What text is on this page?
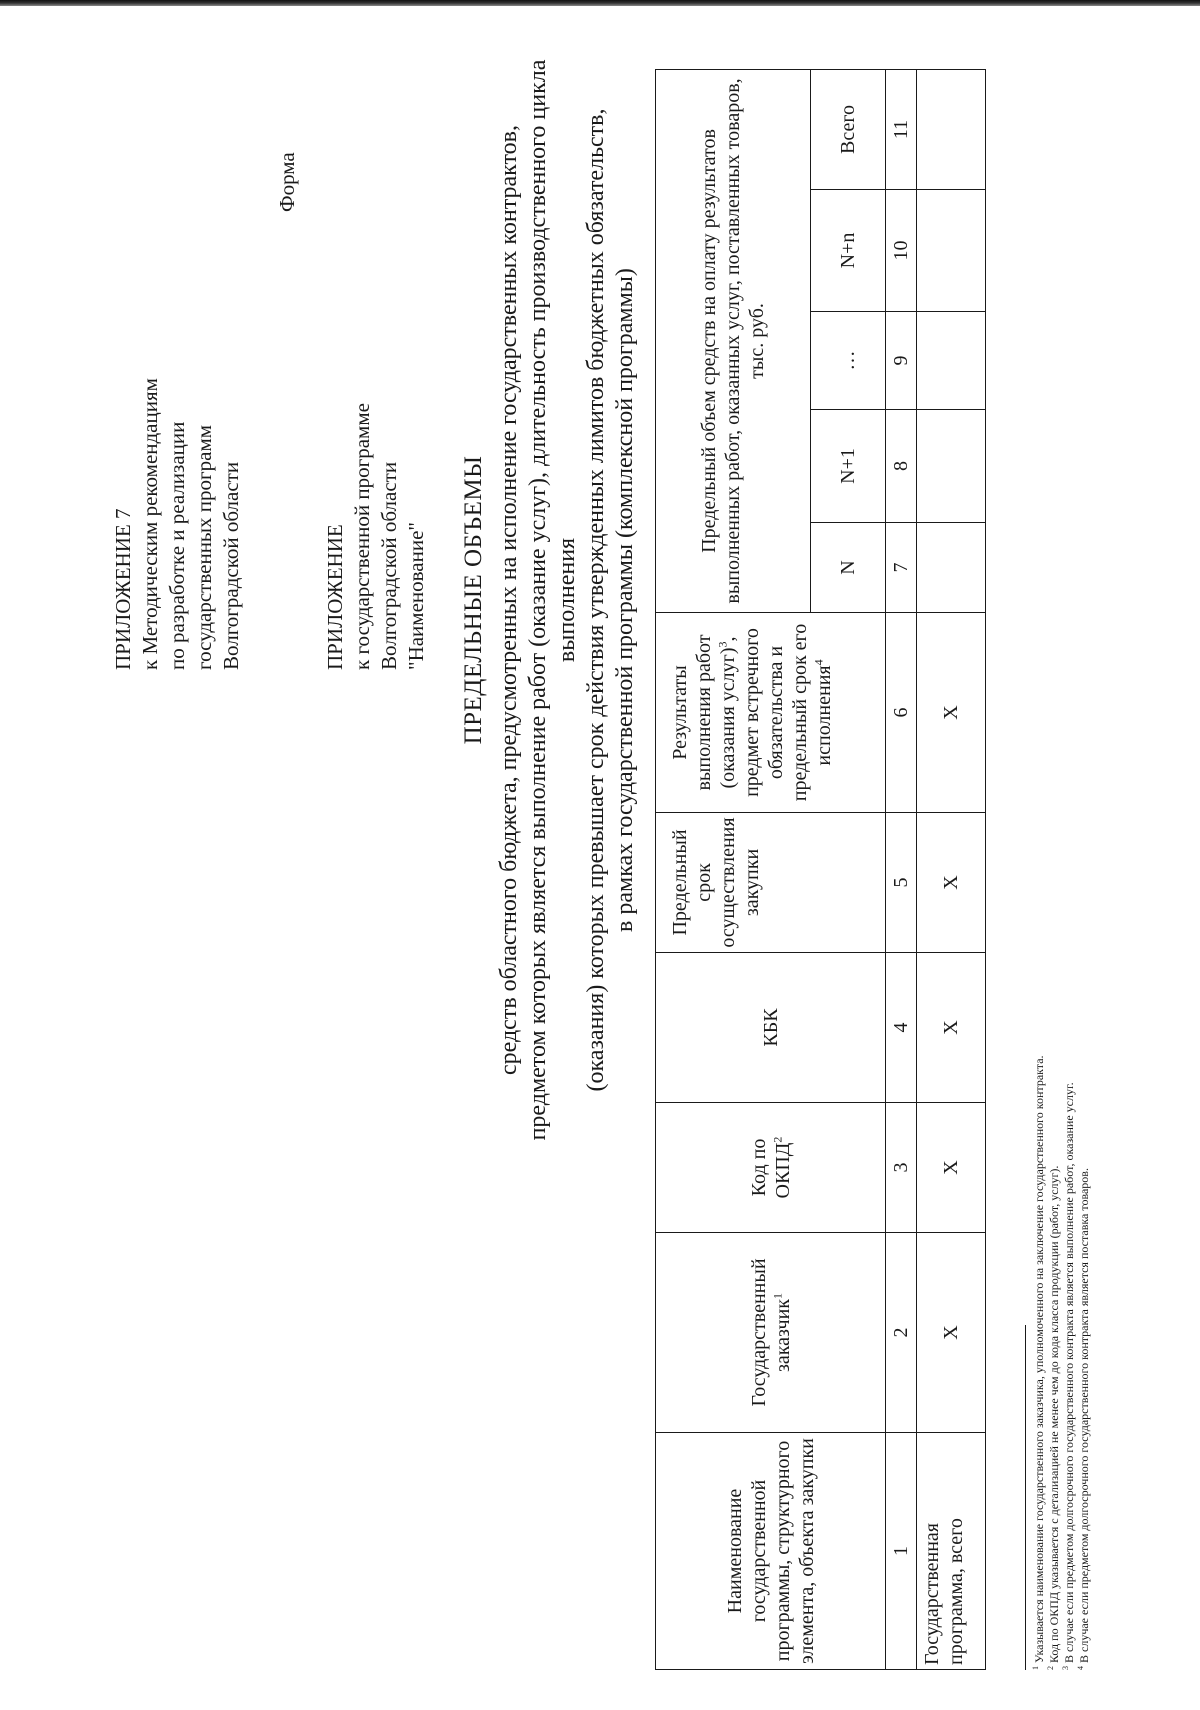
ПРИЛОЖЕНИЕ 7 к Методическим рекомендациям по разработке и реализации государственных программ Волгоградской области	ПРИЛОЖЕНИЕ к государственной программе Волгоградской области "Наименование"
Форма
ПРЕДЕЛЬНЫЕ ОБЪЕМЫ средств областного бюджета, предусмотренных на исполнение государственных контрактов, предметом которых является выполнение работ (оказание услуг), длительность производственного цикла выполнения (оказания) которых превышает срок действия утвержденных лимитов бюджетных обязательств, в рамках государственной программы (комплексной программы)
Наименование государственной программы, структурного элемента, объекта закупки	Государственный заказчик$^1$	Код по ОКПД$^2$	КБК	Предельный срок осуществления закупки	Результаты выполнения работ (оказания услуг)$^3$, предмет встречного обязательства и предельный срок его исполнения$^4$	Предельный объем средств на оплату результатов выполненных работ, оказанных услуг, поставленных товаров, тыс. руб.				
						N	N+1	…	N+n	Всего
1	2	3	4	5	6	7	8	9	10	11
Государственная программа, всего	Х	Х	Х	Х	Х					
$^1$ Указывается наименование государственного заказчика, уполномоченного на заключение государственного контракта.
$^2$ Код по ОКПД указывается с детализацией не менее чем до кода класса продукции (работ, услуг).
$^3$ В случае если предметом долгосрочного государственного контракта является выполнение работ, оказание услуг.
$^4$ В случае если предметом долгосрочного государственного контракта является поставка товаров.
